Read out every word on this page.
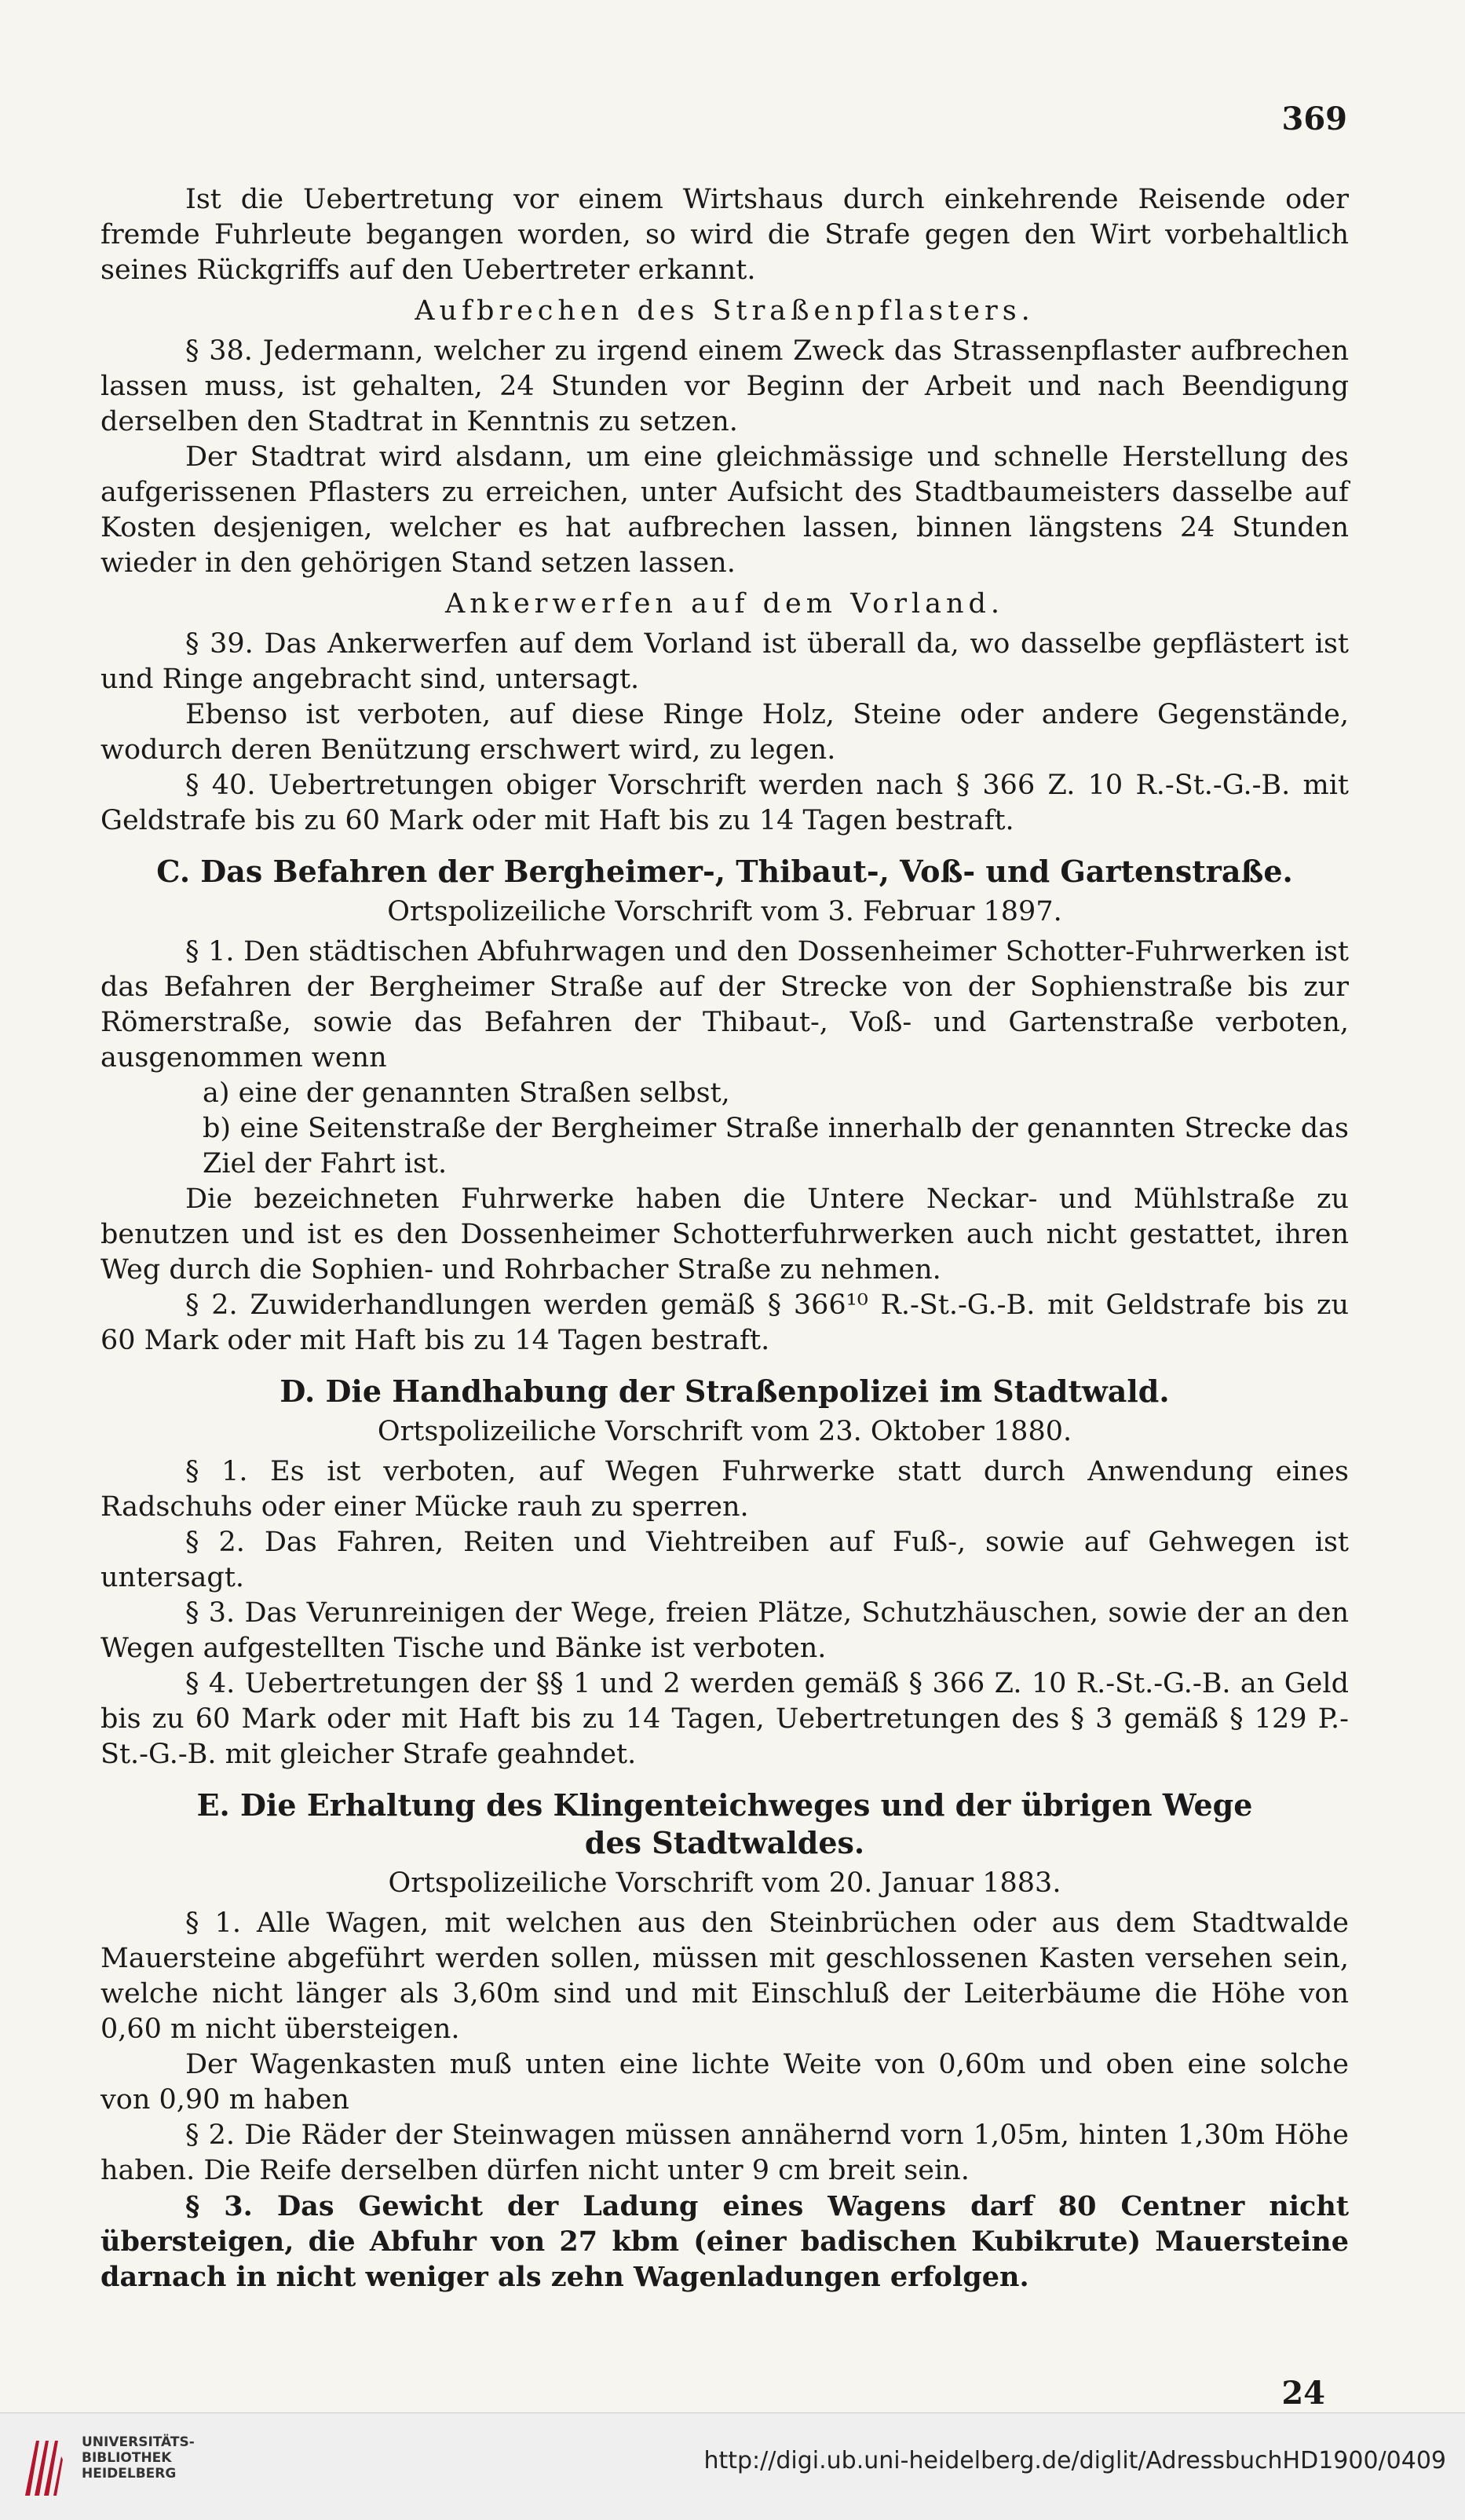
369

Ist die Uebertretung vor einem Wirtshaus durch einkehrende Reisende oder fremde Fuhrleute begangen worden, so wird die Strafe gegen den Wirt vorbehaltlich seines Rückgriffs auf den Uebertreter erkannt.

Aufbrechen des Straßenpflasters.

§ 38. Jedermann, welcher zu irgend einem Zweck das Strassenpflaster aufbrechen lassen muss, ist gehalten, 24 Stunden vor Beginn der Arbeit und nach Beendigung derselben den Stadtrat in Kenntnis zu setzen.

Der Stadtrat wird alsdann, um eine gleichmässige und schnelle Herstellung des aufgerissenen Pflasters zu erreichen, unter Aufsicht des Stadtbaumeisters dasselbe auf Kosten desjenigen, welcher es hat aufbrechen lassen, binnen längstens 24 Stunden wieder in den gehörigen Stand setzen lassen.

Ankerwerfen auf dem Vorland.

§ 39. Das Ankerwerfen auf dem Vorland ist überall da, wo dasselbe gepflästert ist und Ringe angebracht sind, untersagt.

Ebenso ist verboten, auf diese Ringe Holz, Steine oder andere Gegenstände, wodurch deren Benützung erschwert wird, zu legen.

§ 40. Uebertretungen obiger Vorschrift werden nach § 366 Z. 10 R.-St.-G.-B. mit Geldstrafe bis zu 60 Mark oder mit Haft bis zu 14 Tagen bestraft.

C. Das Befahren der Bergheimer-, Thibaut-, Voß- und Gartenstraße.

Ortspolizeiliche Vorschrift vom 3. Februar 1897.

§ 1. Den städtischen Abfuhrwagen und den Dossenheimer Schotter-Fuhrwerken ist das Befahren der Bergheimer Straße auf der Strecke von der Sophienstraße bis zur Römerstraße, sowie das Befahren der Thibaut-, Voß- und Gartenstraße verboten, ausgenommen wenn

a) eine der genannten Straßen selbst,

b) eine Seitenstraße der Bergheimer Straße innerhalb der genannten Strecke das Ziel der Fahrt ist.

Die bezeichneten Fuhrwerke haben die Untere Neckar- und Mühlstraße zu benutzen und ist es den Dossenheimer Schotterfuhrwerken auch nicht gestattet, ihren Weg durch die Sophien- und Rohrbacher Straße zu nehmen.

§ 2. Zuwiderhandlungen werden gemäß § 366¹⁰ R.-St.-G.-B. mit Geldstrafe bis zu 60 Mark oder mit Haft bis zu 14 Tagen bestraft.

D. Die Handhabung der Straßenpolizei im Stadtwald.

Ortspolizeiliche Vorschrift vom 23. Oktober 1880.

§ 1. Es ist verboten, auf Wegen Fuhrwerke statt durch Anwendung eines Radschuhs oder einer Mücke rauh zu sperren.

§ 2. Das Fahren, Reiten und Viehtreiben auf Fuß-, sowie auf Gehwegen ist untersagt.

§ 3. Das Verunreinigen der Wege, freien Plätze, Schutzhäuschen, sowie der an den Wegen aufgestellten Tische und Bänke ist verboten.

§ 4. Uebertretungen der §§ 1 und 2 werden gemäß § 366 Z. 10 R.-St.-G.-B. an Geld bis zu 60 Mark oder mit Haft bis zu 14 Tagen, Uebertretungen des § 3 gemäß § 129 P.-St.-G.-B. mit gleicher Strafe geahndet.

E. Die Erhaltung des Klingenteichweges und der übrigen Wege
des Stadtwaldes.

Ortspolizeiliche Vorschrift vom 20. Januar 1883.

§ 1. Alle Wagen, mit welchen aus den Steinbrüchen oder aus dem Stadtwalde Mauersteine abgeführt werden sollen, müssen mit geschlossenen Kasten versehen sein, welche nicht länger als 3,60m sind und mit Einschluß der Leiterbäume die Höhe von 0,60 m nicht übersteigen.

Der Wagenkasten muß unten eine lichte Weite von 0,60m und oben eine solche von 0,90 m haben

§ 2. Die Räder der Steinwagen müssen annähernd vorn 1,05m, hinten 1,30m Höhe haben. Die Reife derselben dürfen nicht unter 9 cm breit sein.

§ 3. Das Gewicht der Ladung eines Wagens darf 80 Centner nicht übersteigen, die Abfuhr von 27 kbm (einer badischen Kubikrute) Mauersteine darnach in nicht weniger als zehn Wagenladungen erfolgen.

24
UNIVERSITÄTS-
BIBLIOTHEK
HEIDELBERG	http://digi.ub.uni-heidelberg.de/diglit/AdressbuchHD1900/0409
